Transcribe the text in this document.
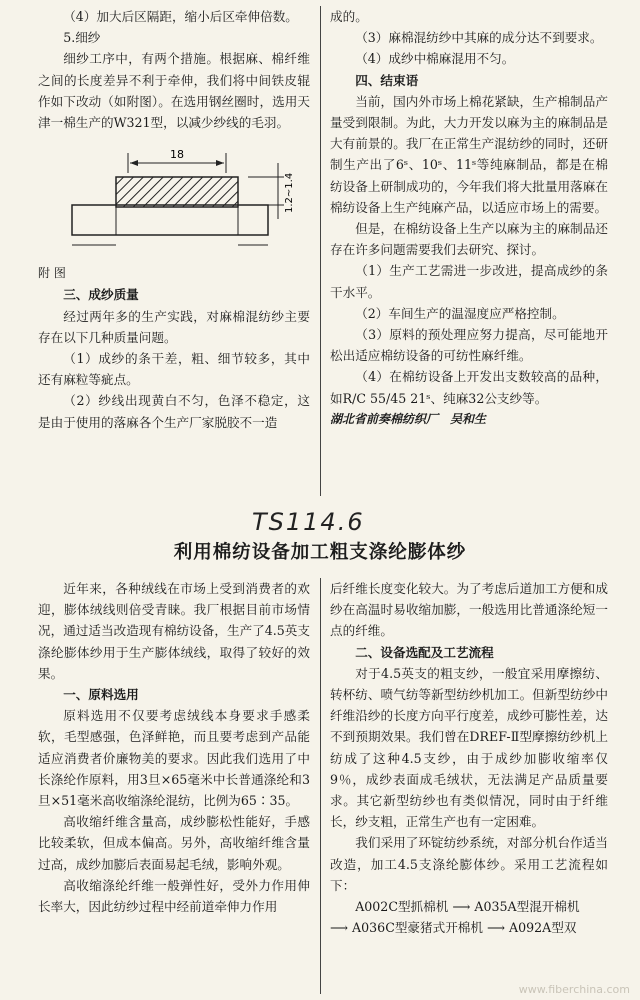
（4）加大后区隔距，缩小后区牵伸倍数。

5.细纱

细纱工序中，有两个措施。根据麻、棉纤维之间的长度差异不利于牵伸，我们将中间铁皮辊作如下改动（如附图）。在选用钢丝圈时，选用天津一棉生产的W321型，以减少纱线的毛羽。

18
1.2~1.4

附 图

三、成纱质量

经过两年多的生产实践，对麻棉混纺纱主要存在以下几种质量问题。

（1）成纱的条干差，粗、细节较多，其中还有麻粒等疵点。

（2）纱线出现黄白不匀，色泽不稳定，这是由于使用的落麻各个生产厂家脱胶不一造

成的。

（3）麻棉混纺纱中其麻的成分达不到要求。

（4）成纱中棉麻混用不匀。

四、结束语

当前，国内外市场上棉花紧缺，生产棉制品产量受到限制。为此，大力开发以麻为主的麻制品是大有前景的。我厂在正常生产混纺纱的同时，还研制生产出了6ˢ、10ˢ、11ˢ等纯麻制品，都是在棉纺设备上研制成功的，今年我们将大批量用落麻在棉纺设备上生产纯麻产品，以适应市场上的需要。

但是，在棉纺设备上生产以麻为主的麻制品还存在许多问题需要我们去研究、探讨。

（1）生产工艺需进一步改进，提高成纱的条干水平。

（2）车间生产的温湿度应严格控制。

（3）原料的预处理应努力提高，尽可能地开松出适应棉纺设备的可纺性麻纤维。

（4）在棉纺设备上开发出支数较高的品种，如R/C 55/45 21ˢ、纯麻32公支纱等。

湖北省前奏棉纺织厂　吴和生

TS114.6
利用棉纺设备加工粗支涤纶膨体纱

近年来，各种绒线在市场上受到消费者的欢迎，膨体绒线则倍受青睐。我厂根据目前市场情况，通过适当改造现有棉纺设备，生产了4.5英支涤纶膨体纱用于生产膨体绒线，取得了较好的效果。

一、原料选用

原料选用不仅要考虑绒线本身要求手感柔软，毛型感强，色泽鲜艳，而且要考虑到产品能适应消费者价廉物美的要求。因此我们选用了中长涤纶作原料，用3旦×65毫米中长普通涤纶和3旦×51毫米高收缩涤纶混纺，比例为65∶35。

高收缩纤维含量高，成纱膨松性能好，手感比较柔软，但成本偏高。另外，高收缩纤维含量过高，成纱加膨后表面易起毛绒，影响外观。

高收缩涤纶纤维一般弹性好，受外力作用伸长率大，因此纺纱过程中经前道牵伸力作用

后纤维长度变化较大。为了考虑后道加工方便和成纱在高温时易收缩加膨，一般选用比普通涤纶短一点的纤维。

二、设备选配及工艺流程

对于4.5英支的粗支纱，一般宜采用摩擦纺、转杯纺、喷气纺等新型纺纱机加工。但新型纺纱中纤维沿纱的长度方向平行度差，成纱可膨性差，达不到预期效果。我们曾在DREF-Ⅱ型摩擦纺纱机上纺成了这种4.5支纱，由于成纱加膨收缩率仅9％，成纱表面成毛绒状，无法满足产品质量要求。其它新型纺纱也有类似情况，同时由于纤维长，纱支粗，正常生产也有一定困难。

我们采用了环锭纺纱系统，对部分机台作适当改造，加工4.5支涤纶膨体纱。采用工艺流程如下：

A002C型抓棉机 ⟶ A035A型混开棉机

⟶ A036C型豪猪式开棉机 ⟶ A092A型双

www.fiberchina.com
